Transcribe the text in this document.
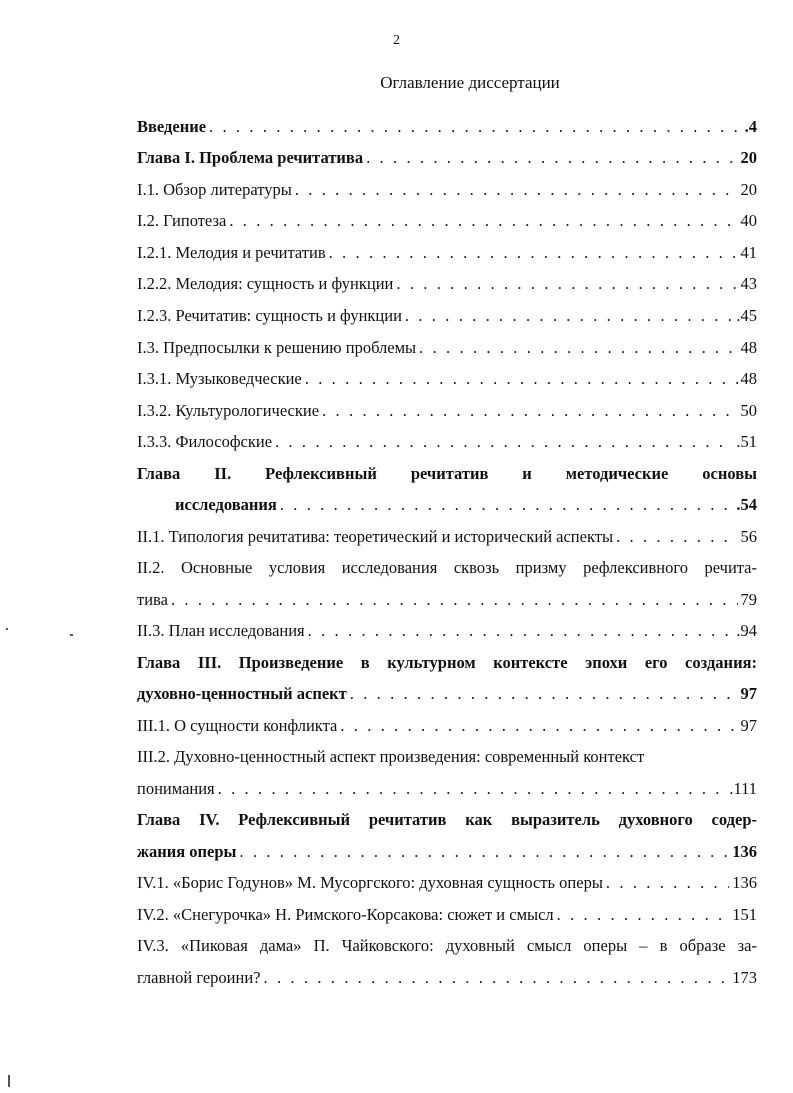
2
Оглавление диссертации
Введение . . .	.4
Глава I. Проблема речитатива . . .	20
I.1. Обзор литературы . . .	20
I.2. Гипотеза . . .	40
I.2.1. Мелодия и речитатив . . .	41
I.2.2. Мелодия: сущность и функции . . .	43
I.2.3. Речитатив: сущность и функции . . .	.45
I.3. Предпосылки к решению проблемы . . .	48
I.3.1. Музыковедческие . . .	48
I.3.2. Культурологические . . .	50
I.3.3. Философские . . .	.51
Глава II. Рефлексивный речитатив и методические основы
исследования . . .	.54
II.1. Типология речитатива: теоретический и исторический аспекты . . .	56
II.2. Основные условия исследования сквозь призму рефлексивного речита-
тива . . .	79
II.3. План исследования . . .	.94
Глава III. Произведение в культурном контексте эпохи его создания:
духовно-ценностный аспект . . .	97
III.1. О сущности конфликта . . .	97
III.2. Духовно-ценностный аспект произведения: современный контекст
понимания . . .	.111
Глава IV. Рефлексивный речитатив как выразитель духовного содер-
жания оперы . . .	136
IV.1. «Борис Годунов» М. Мусоргского: духовная сущность оперы . . .	136
IV.2. «Снегурочка» Н. Римского-Корсакова: сюжет и смысл . . .	151
IV.3. «Пиковая дама» П. Чайковского: духовный смысл оперы – в образе за-
главной героини? . . .	173
